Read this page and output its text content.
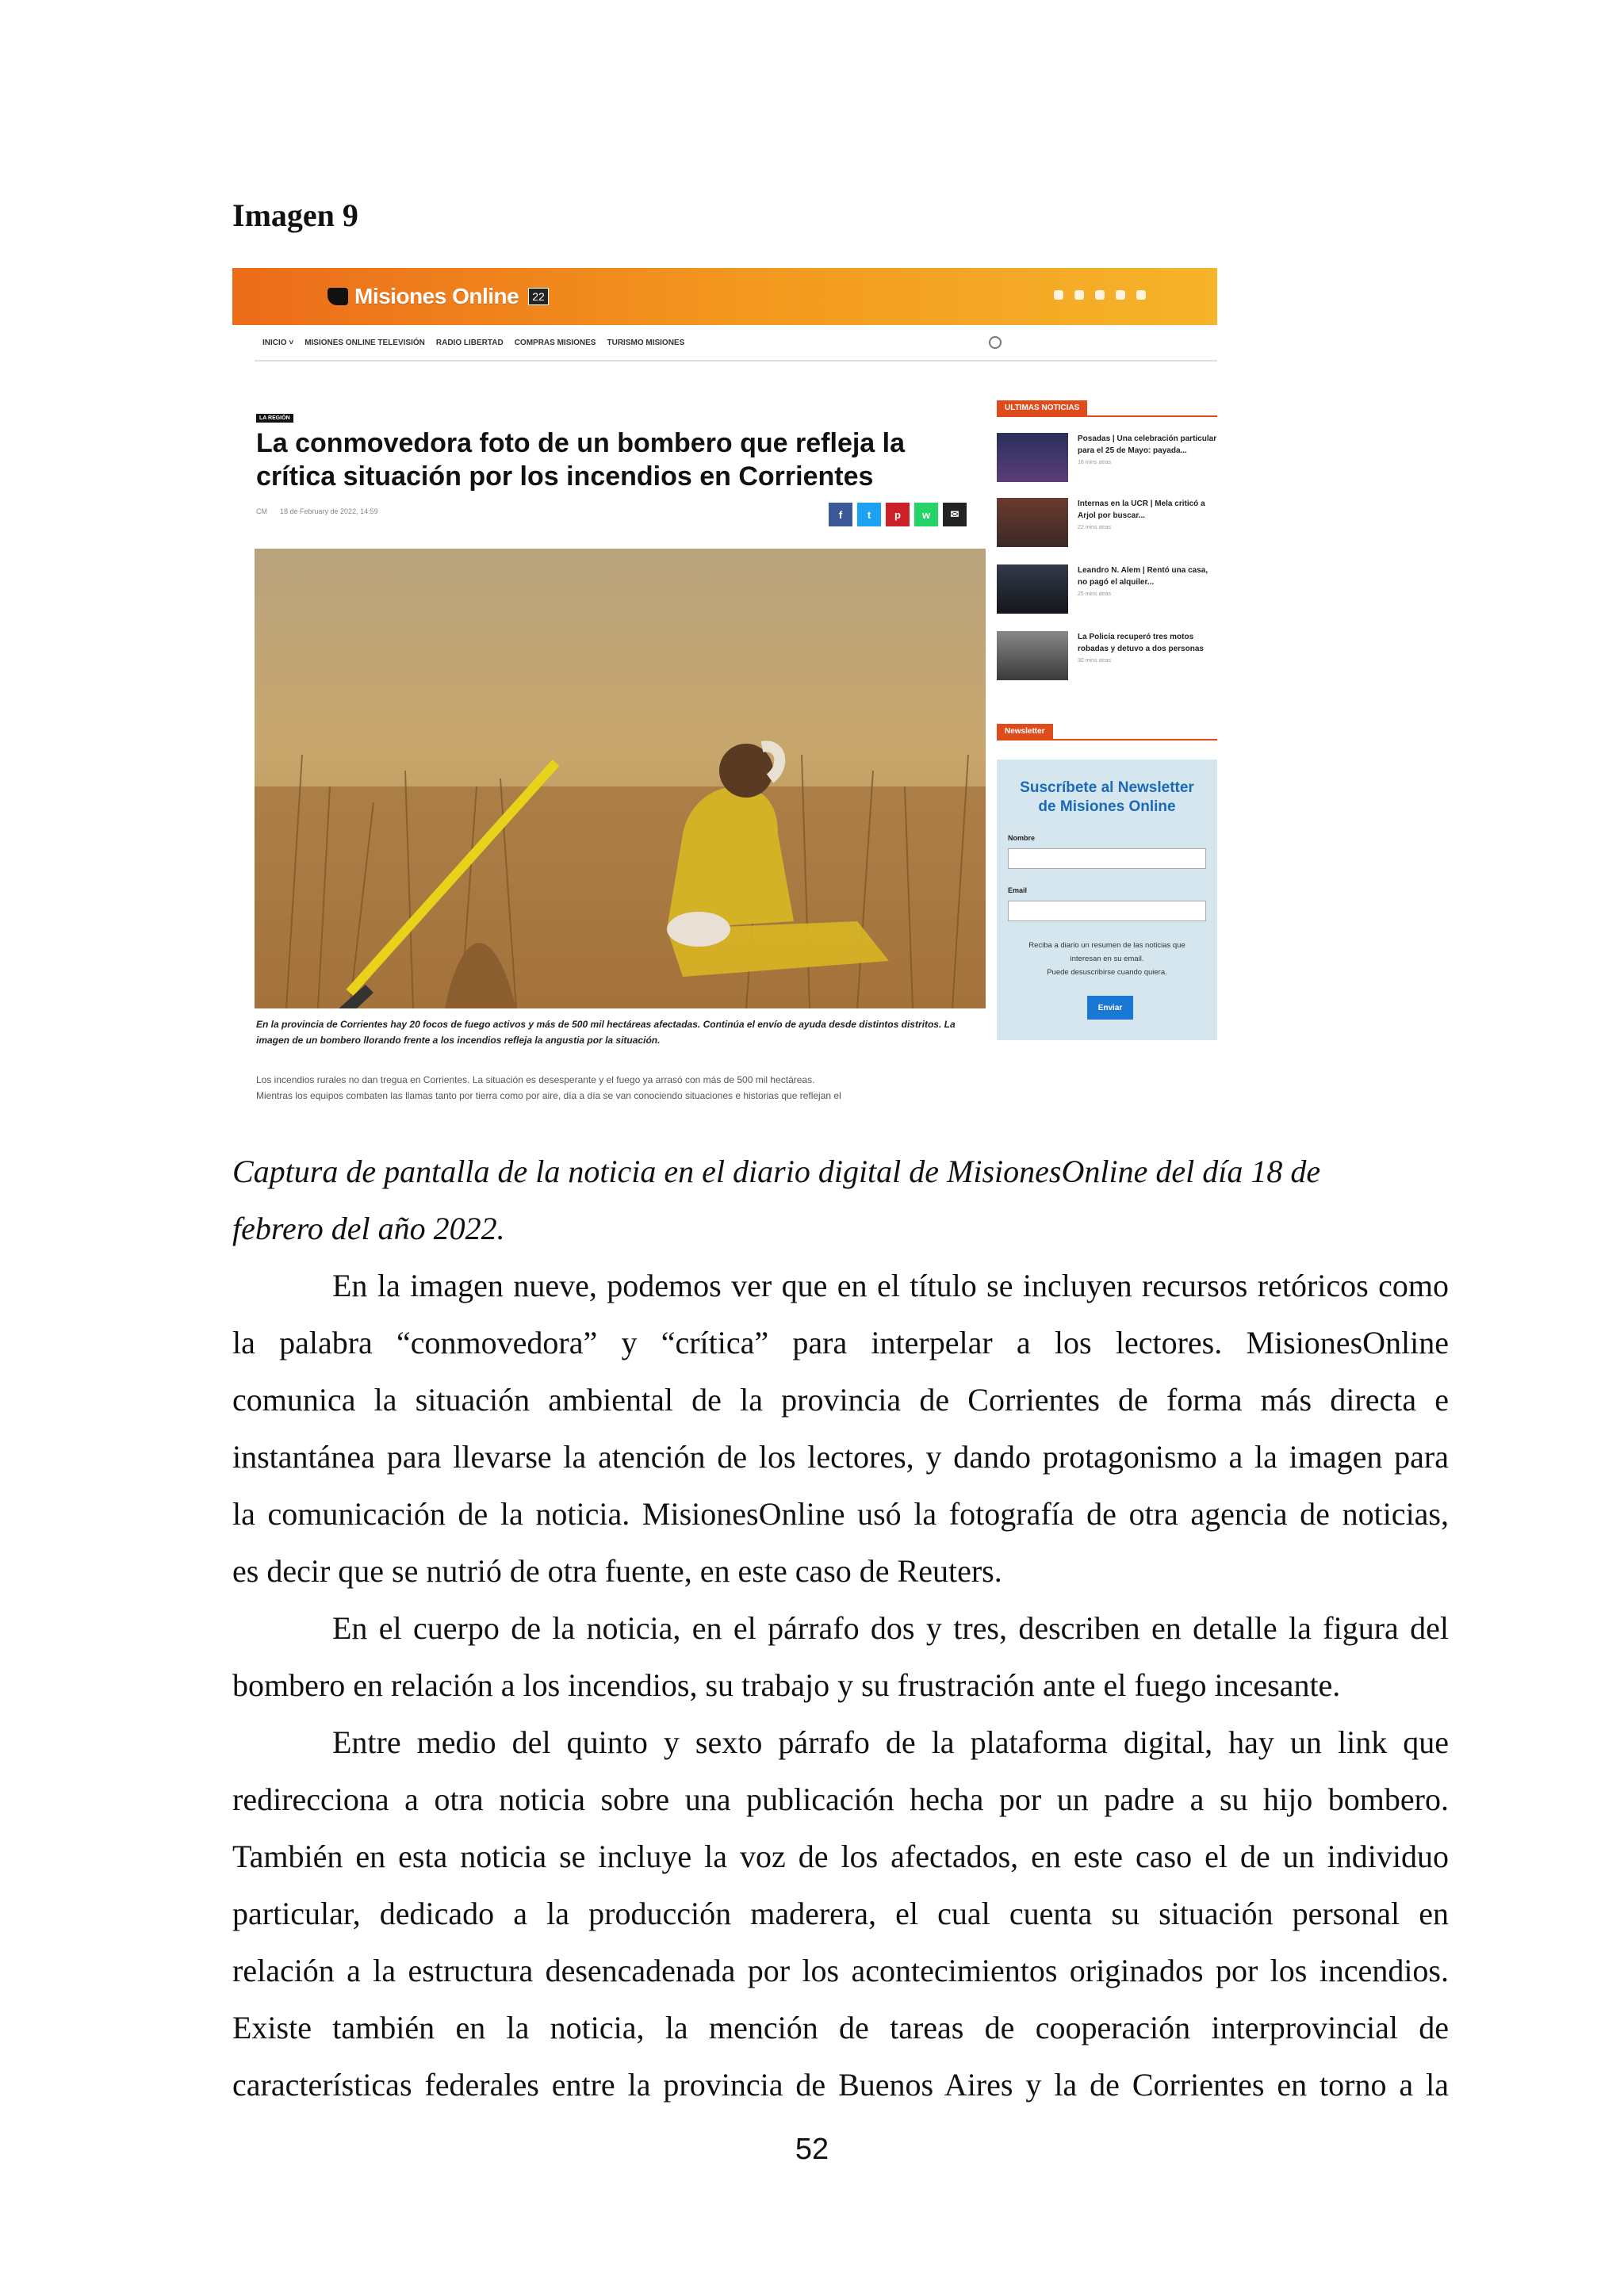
Imagen 9
Misiones Online	22
INICIO ˅ MISIONES ONLINE TELEVISIÓN RADIO LIBERTAD COMPRAS MISIONES TURISMO MISIONES
LA REGIÓN
La conmovedora foto de un bombero que refleja la
crítica situación por los incendios en Corrientes
CM 18 de February de 2022, 14:59	f	t	p	w	✉
En la provincia de Corrientes hay 20 focos de fuego activos y más de 500 mil hectáreas afectadas. Continúa el envío de ayuda desde distintos distritos. La imagen de un bombero llorando frente a los incendios refleja la angustia por la situación.
Los incendios rurales no dan tregua en Corrientes. La situación es desesperante y el fuego ya arrasó con más de 500 mil hectáreas.
Mientras los equipos combaten las llamas tanto por tierra como por aire, día a día se van conociendo situaciones e historias que reflejan el
ULTIMAS NOTICIAS
Posadas | Una celebración particular para el 25 de Mayo: payada...
16 mins atras
Internas en la UCR | Mela criticó a Arjol por buscar...
22 mins atras
Leandro N. Alem | Rentó una casa, no pagó el alquiler...
25 mins atras
La Policía recuperó tres motos robadas y detuvo a dos personas
30 mins atras
Newsletter
Suscríbete al Newsletter
de Misiones Online
Nombre
Email
Reciba a diario un resumen de las noticias que
interesan en su email.
Puede desuscribirse cuando quiera.
Enviar
Captura de pantalla de la noticia en el diario digital de MisionesOnline del día 18 de
febrero del año 2022.
En la imagen nueve, podemos ver que en el título se incluyen recursos retóricos como
la palabra “conmovedora” y “crítica” para interpelar a los lectores. MisionesOnline
comunica la situación ambiental de la provincia de Corrientes de forma más directa e
instantánea para llevarse la atención de los lectores, y dando protagonismo a la imagen para
la comunicación de la noticia. MisionesOnline usó la fotografía de otra agencia de noticias,
es decir que se nutrió de otra fuente, en este caso de Reuters.
En el cuerpo de la noticia, en el párrafo dos y tres, describen en detalle la figura del
bombero en relación a los incendios, su trabajo y su frustración ante el fuego incesante.
Entre medio del quinto y sexto párrafo de la plataforma digital, hay un link que
redirecciona a otra noticia sobre una publicación hecha por un padre a su hijo bombero.
También en esta noticia se incluye la voz de los afectados, en este caso el de un individuo
particular, dedicado a la producción maderera, el cual cuenta su situación personal en
relación a la estructura desencadenada por los acontecimientos originados por los incendios.
Existe también en la noticia, la mención de tareas de cooperación interprovincial de
características federales entre la provincia de Buenos Aires y la de Corrientes en torno a la
52
